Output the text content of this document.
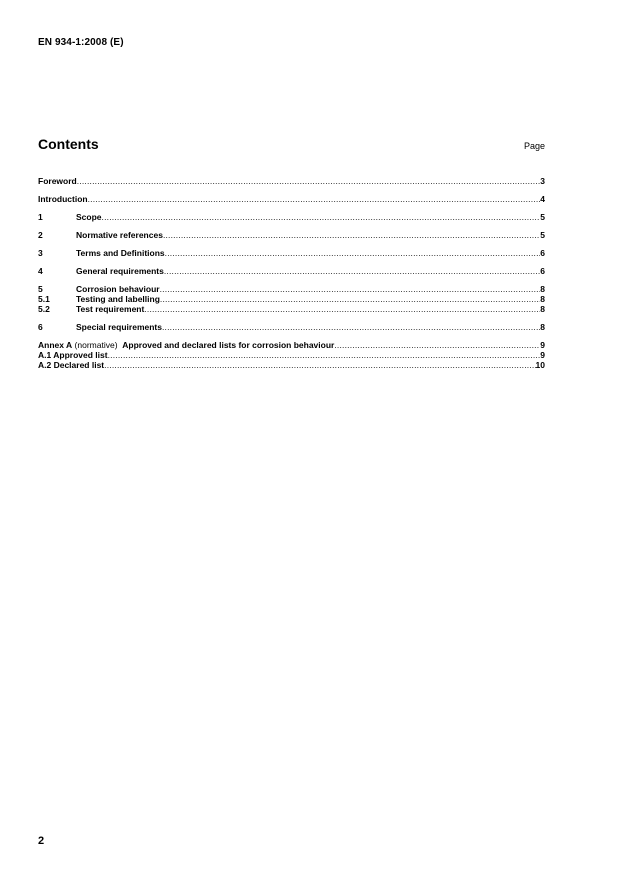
EN 934-1:2008 (E)
Contents	Page
Foreword .....	3
Introduction .....	4
1	Scope .....	5
2	Normative references .....	5
3	Terms and Definitions .....	6
4	General requirements .....	6
5	Corrosion behaviour .....	8
5.1	Testing and labelling .....	8
5.2	Test requirement .....	8
6	Special requirements .....	8
Annex A (normative) Approved and declared lists for corrosion behaviour .....	9
A.1 Approved list .....	9
A.2 Declared list .....	10
2
